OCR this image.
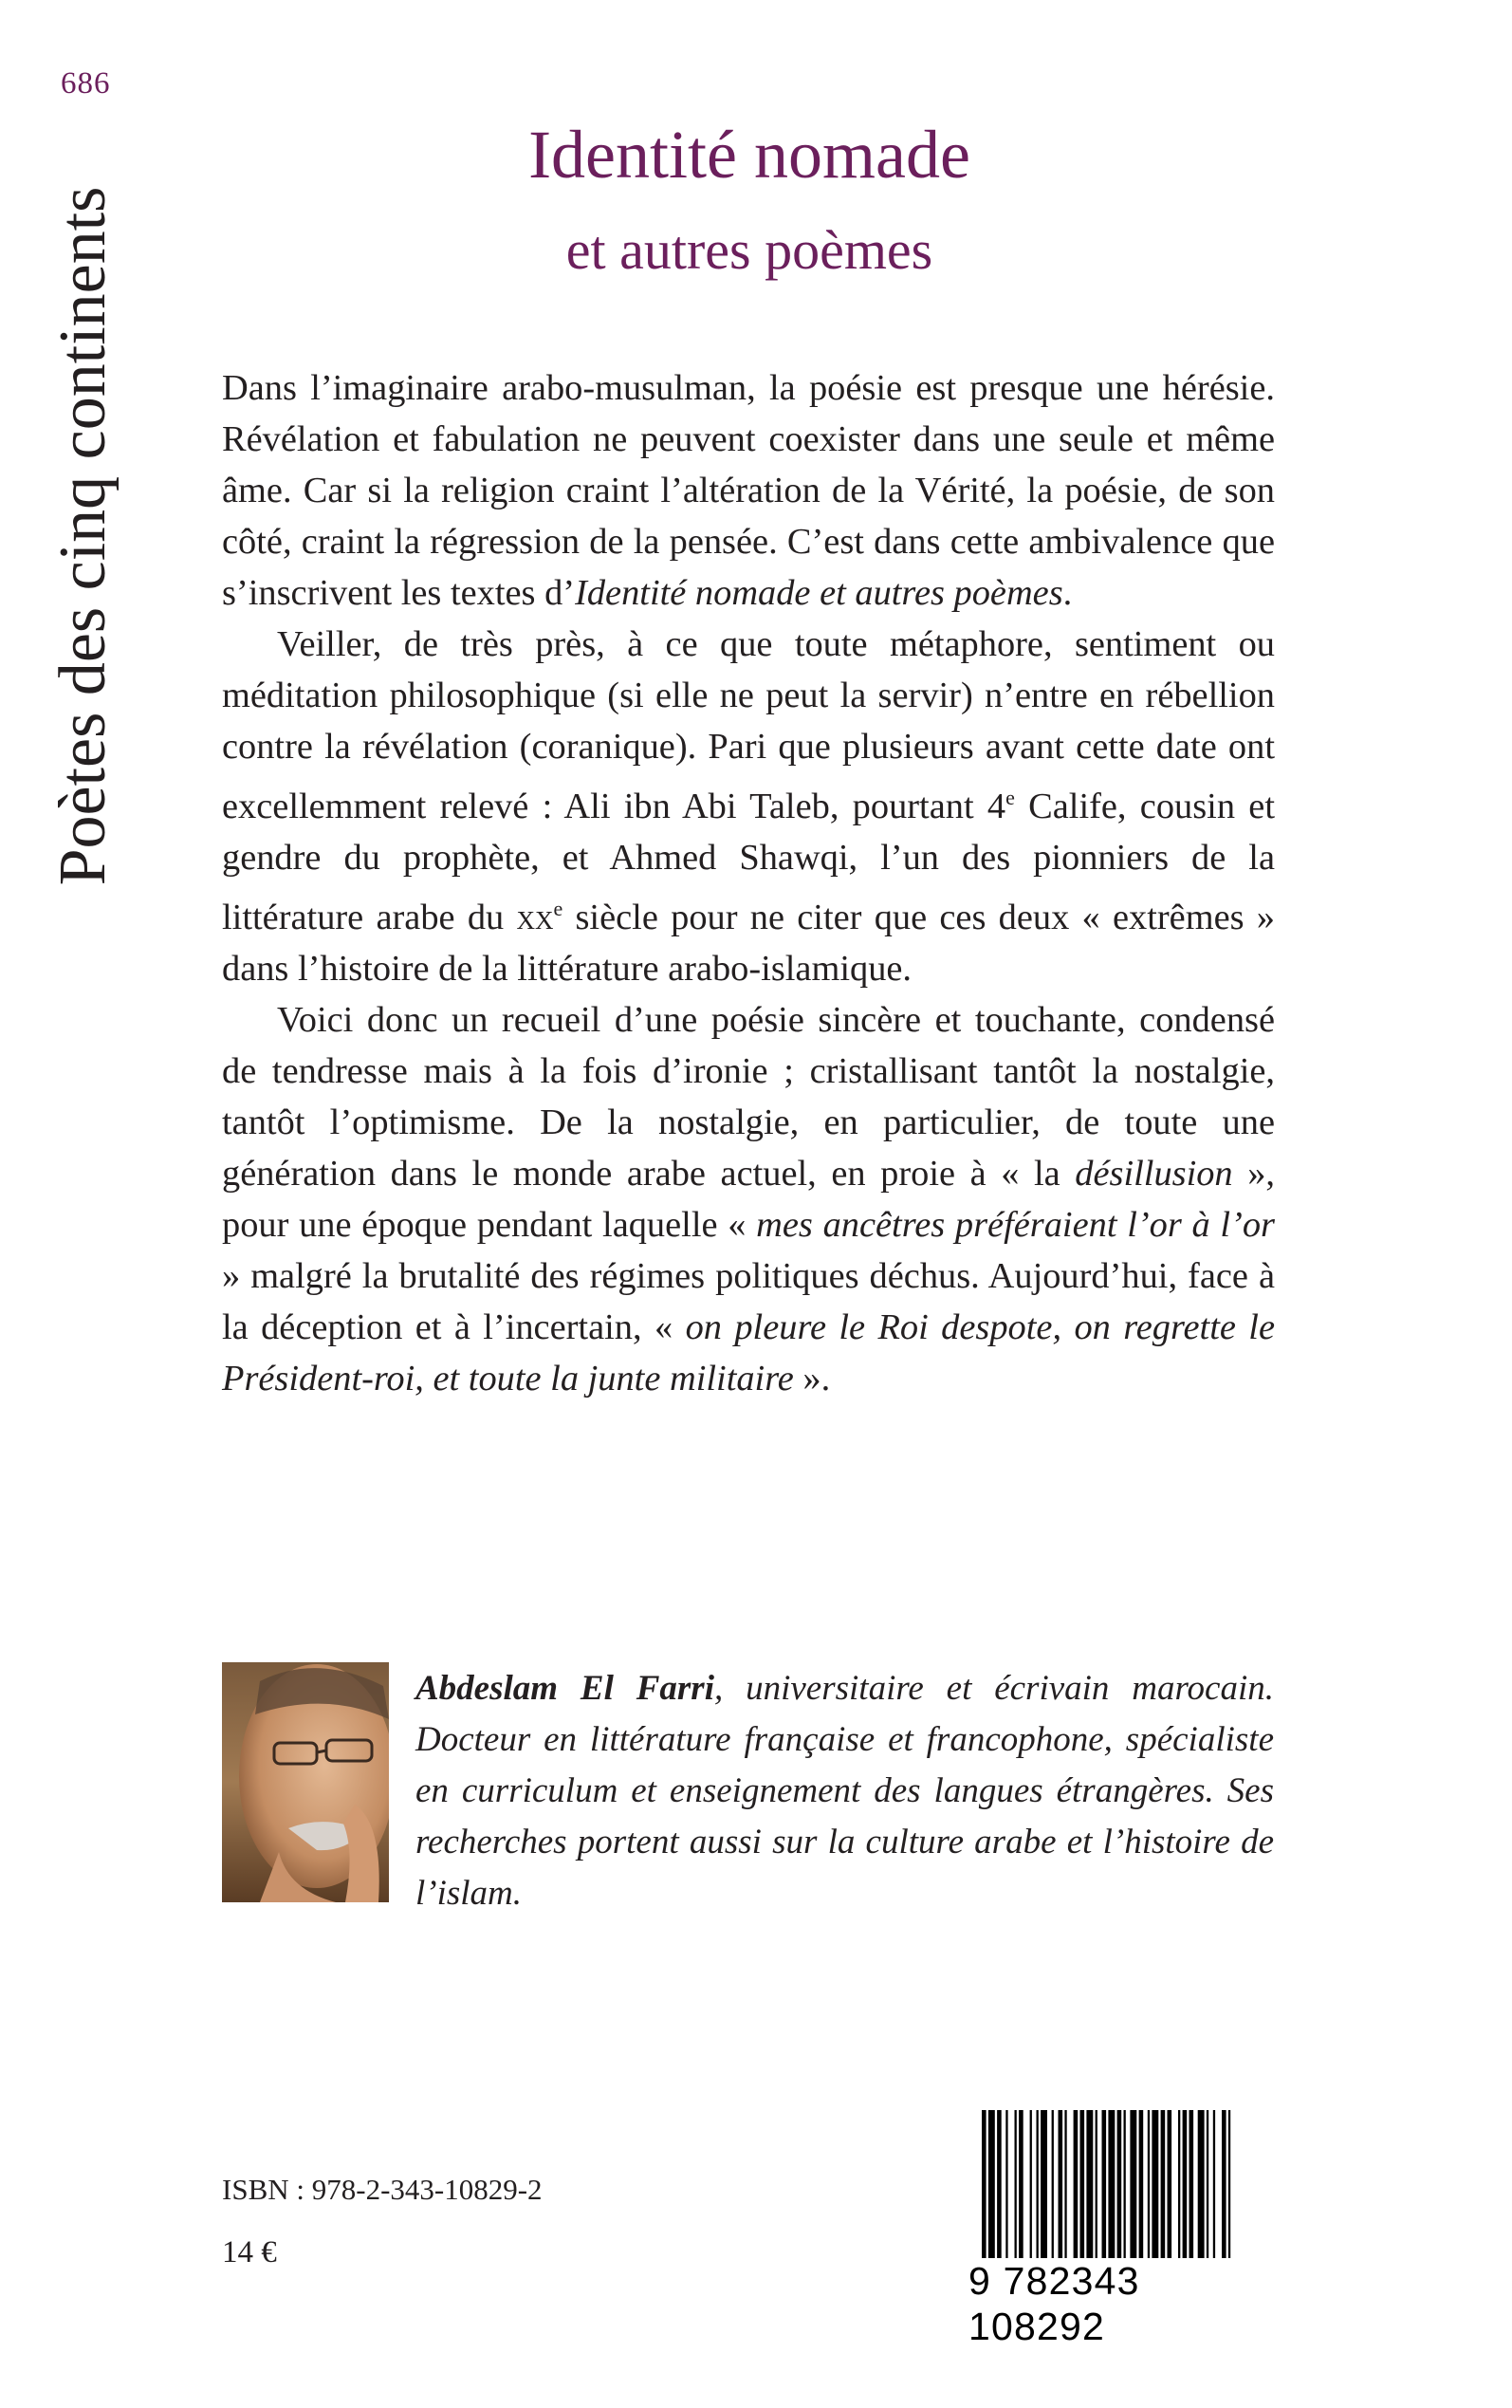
686
Poètes des cinq continents
Identité nomade
et autres poèmes

Dans l’imaginaire arabo-musulman, la poésie est presque une hérésie. Révélation et fabulation ne peuvent coexister dans une seule et même âme. Car si la religion craint l’altération de la Vérité, la poésie, de son côté, craint la régression de la pensée. C’est dans cette ambivalence que s’inscrivent les textes d’Identité nomade et autres poèmes.

Veiller, de très près, à ce que toute métaphore, sentiment ou méditation philosophique (si elle ne peut la servir) n’entre en rébellion contre la révélation (coranique). Pari que plusieurs avant cette date ont excellemment relevé : Ali ibn Abi Taleb, pourtant 4e Calife, cousin et gendre du prophète, et Ahmed Shawqi, l’un des pionniers de la littérature arabe du $xx^e$ siècle pour ne citer que ces deux « extrêmes » dans l’histoire de la littérature arabo-islamique.

Voici donc un recueil d’une poésie sincère et touchante, condensé de tendresse mais à la fois d’ironie ; cristallisant tantôt la nostalgie, tantôt l’optimisme. De la nostalgie, en particulier, de toute une génération dans le monde arabe actuel, en proie à « la désillusion », pour une époque pendant laquelle « mes ancêtres préféraient l’or à l’or » malgré la brutalité des régimes politiques déchus. Aujourd’hui, face à la déception et à l’incertain, « on pleure le Roi despote, on regrette le Président-roi, et toute la junte militaire ».

Abdeslam El Farri, universitaire et écrivain marocain. Docteur en littérature française et francophone, spécialiste en curriculum et enseignement des langues étrangères. Ses recherches portent aussi sur la culture arabe et l’histoire de l’islam.
ISBN : 978-2-343-10829-2
14 €
9 782343 108292
